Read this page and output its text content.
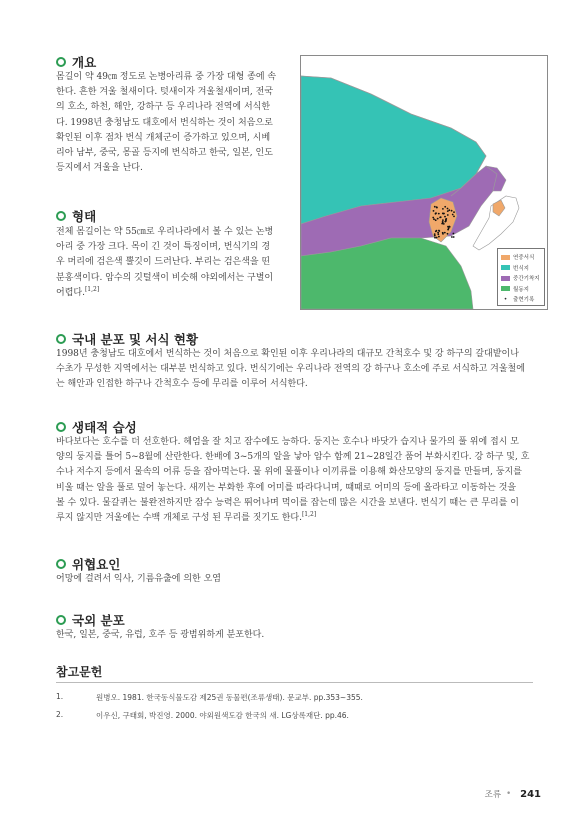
개요

몸길이 약 49㎝ 정도로 논병아리류 중 가장 대형 종에 속
한다. 흔한 겨울 철새이다. 텃새이자 겨울철새이며, 전국
의 호소, 하천, 해안, 강하구 등 우리나라 전역에 서식한
다. 1998년 충청남도 대호에서 번식하는 것이 처음으로
확인된 이후 점차 번식 개체군이 증가하고 있으며, 시베
리아 남부, 중국, 몽골 등지에 번식하고 한국, 일본, 인도
등지에서 겨울을 난다.

형태

전체 몸길이는 약 55㎝로 우리나라에서 볼 수 있는 논병
아리 중 가장 크다. 목이 긴 것이 특징이며, 번식기의 경
우 머리에 검은색 뿔깃이 드러난다. 부리는 검은색을 띤
분홍색이다. 암수의 깃털색이 비슷해 야외에서는 구별이
어렵다.[1,2]

연중서식
번식지
중간기착지
월동지
•	출현기록
국내 분포 및 서식 현황

1998년 충청남도 대호에서 번식하는 것이 처음으로 확인된 이후 우리나라의 대규모 간척호수 및 강 하구의 갈대밭이나
수초가 무성한 지역에서는 대부분 번식하고 있다. 번식기에는 우리나라 전역의 강 하구나 호소에 주로 서식하고 겨울철에
는 해안과 인접한 하구나 간척호수 등에 무리를 이루어 서식한다.

생태적 습성

바다보다는 호수를 더 선호한다. 헤엄을 잘 치고 잠수에도 능하다. 둥지는 호수나 바닷가 습지나 물가의 풀 위에 접시 모
양의 둥지를 틀어 5~8월에 산란한다. 한배에 3~5개의 알을 낳아 암수 함께 21~28일간 품어 부화시킨다. 강 하구 및, 호
수나 저수지 등에서 물속의 어류 등을 잡아먹는다. 물 위에 물풀이나 이끼류를 이용해 화산모양의 둥지를 만들며, 둥지를
비울 때는 알을 풀로 덮어 놓는다. 새끼는 부화한 후에 어미를 따라다니며, 때때로 어미의 등에 올라타고 이동하는 것을
볼 수 있다. 물갈퀴는 불완전하지만 잠수 능력은 뛰어나며 먹이를 잡는데 많은 시간을 보낸다. 번식기 때는 큰 무리를 이
루지 않지만 겨울에는 수백 개체로 구성 된 무리를 짓기도 한다.[1,2]

위협요인

어망에 걸려서 익사, 기름유출에 의한 오염

국외 분포

한국, 일본, 중국, 유럽, 호주 등 광범위하게 분포한다.

참고문헌
1.	원병오. 1981. 한국동식물도감 제25권 동물편(조류생태). 문교부. pp.353~355.
2.	이우신, 구태회, 박진영. 2000. 야외원색도감 한국의 새. LG상록재단. pp.46.
조류 • 241
